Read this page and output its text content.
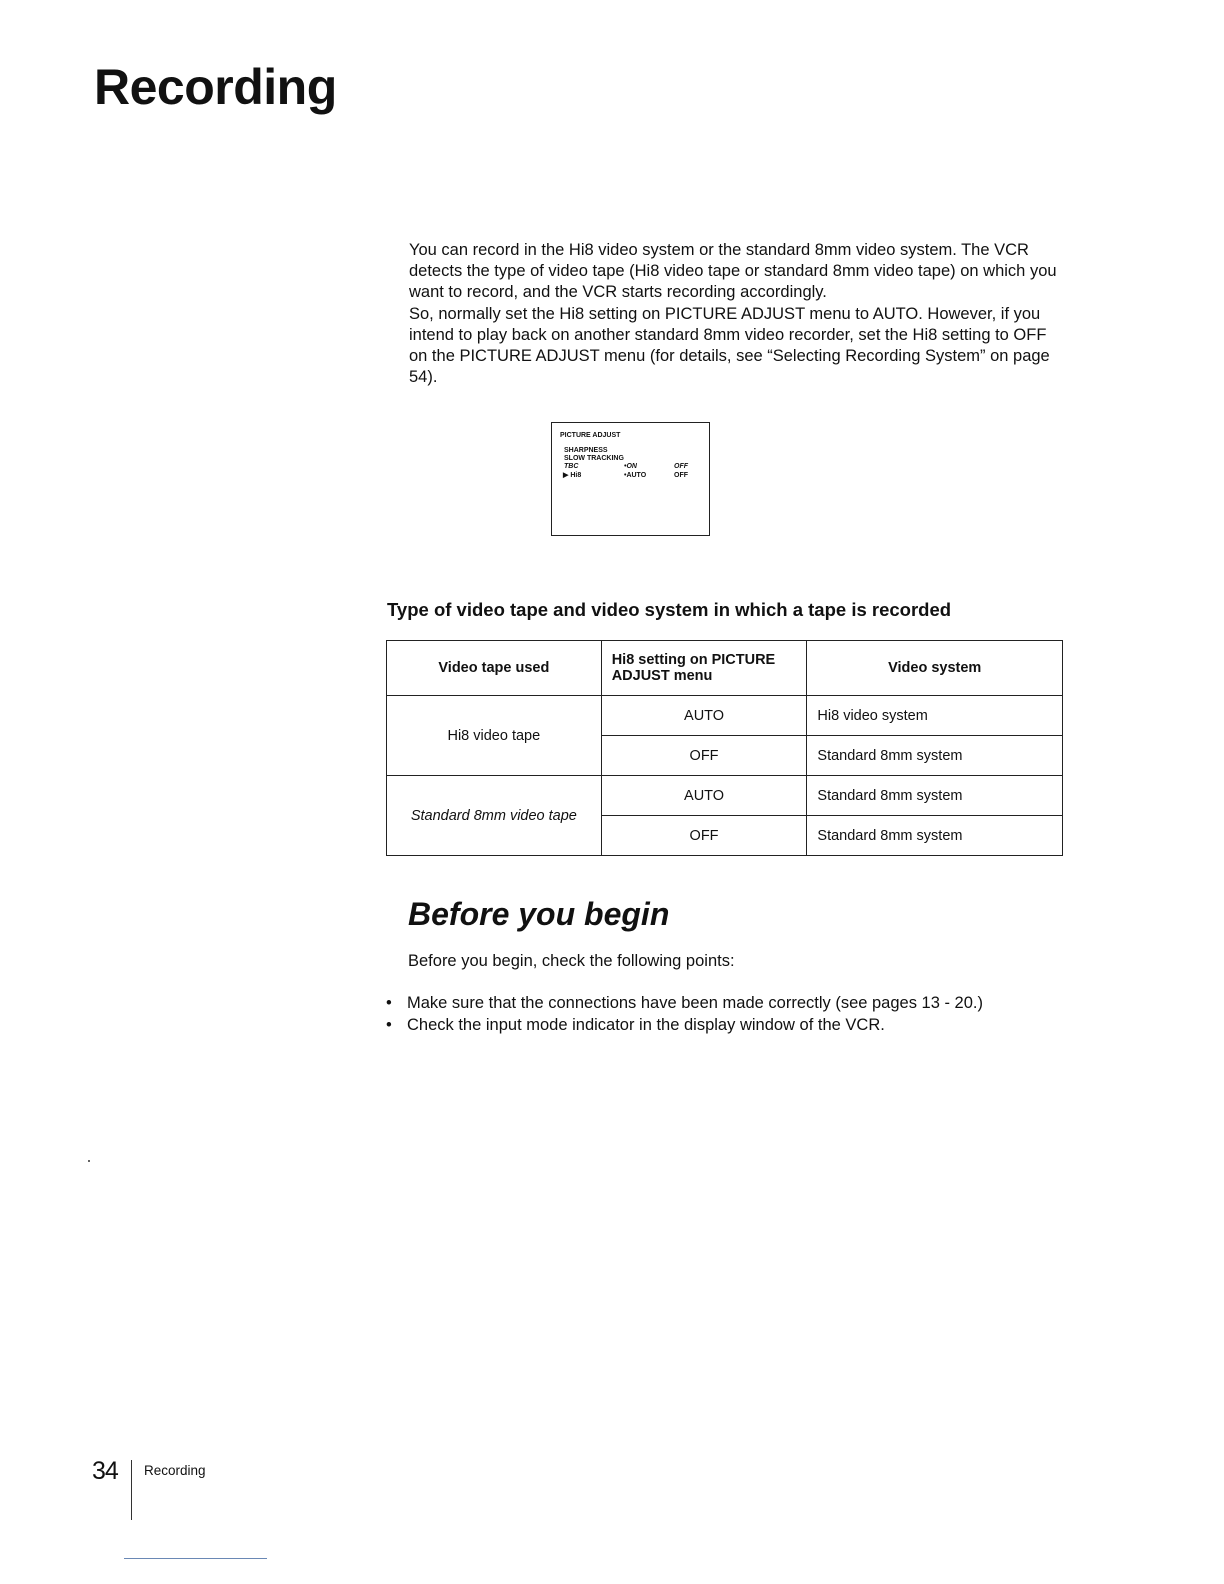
Recording

You can record in the Hi8 video system or the standard 8mm video system. The VCR detects the type of video tape (Hi8 video tape or standard 8mm video tape) on which you want to record, and the VCR starts recording accordingly.

So, normally set the Hi8 setting on PICTURE ADJUST menu to AUTO. However, if you intend to play back on another standard 8mm video recorder, set the Hi8 setting to OFF on the PICTURE ADJUST menu (for details, see “Selecting Recording System” on page 54).

PICTURE ADJUST
SHARPNESS
SLOW TRACKING
TBC	•ON	OFF
▶ Hi8	•AUTO	OFF
Type of video tape and video system in which a tape is recorded
Video tape used	Hi8 setting on PICTURE ADJUST menu	Video system
Hi8 video tape	AUTO	Hi8 video system
	OFF	Standard 8mm system
Standard 8mm video tape	AUTO	Standard 8mm system
	OFF	Standard 8mm system
Before you begin

Before you begin, check the following points:

• Make sure that the connections have been made correctly (see pages 13 - 20.)
• Check the input mode indicator in the display window of the VCR.
34 Recording
